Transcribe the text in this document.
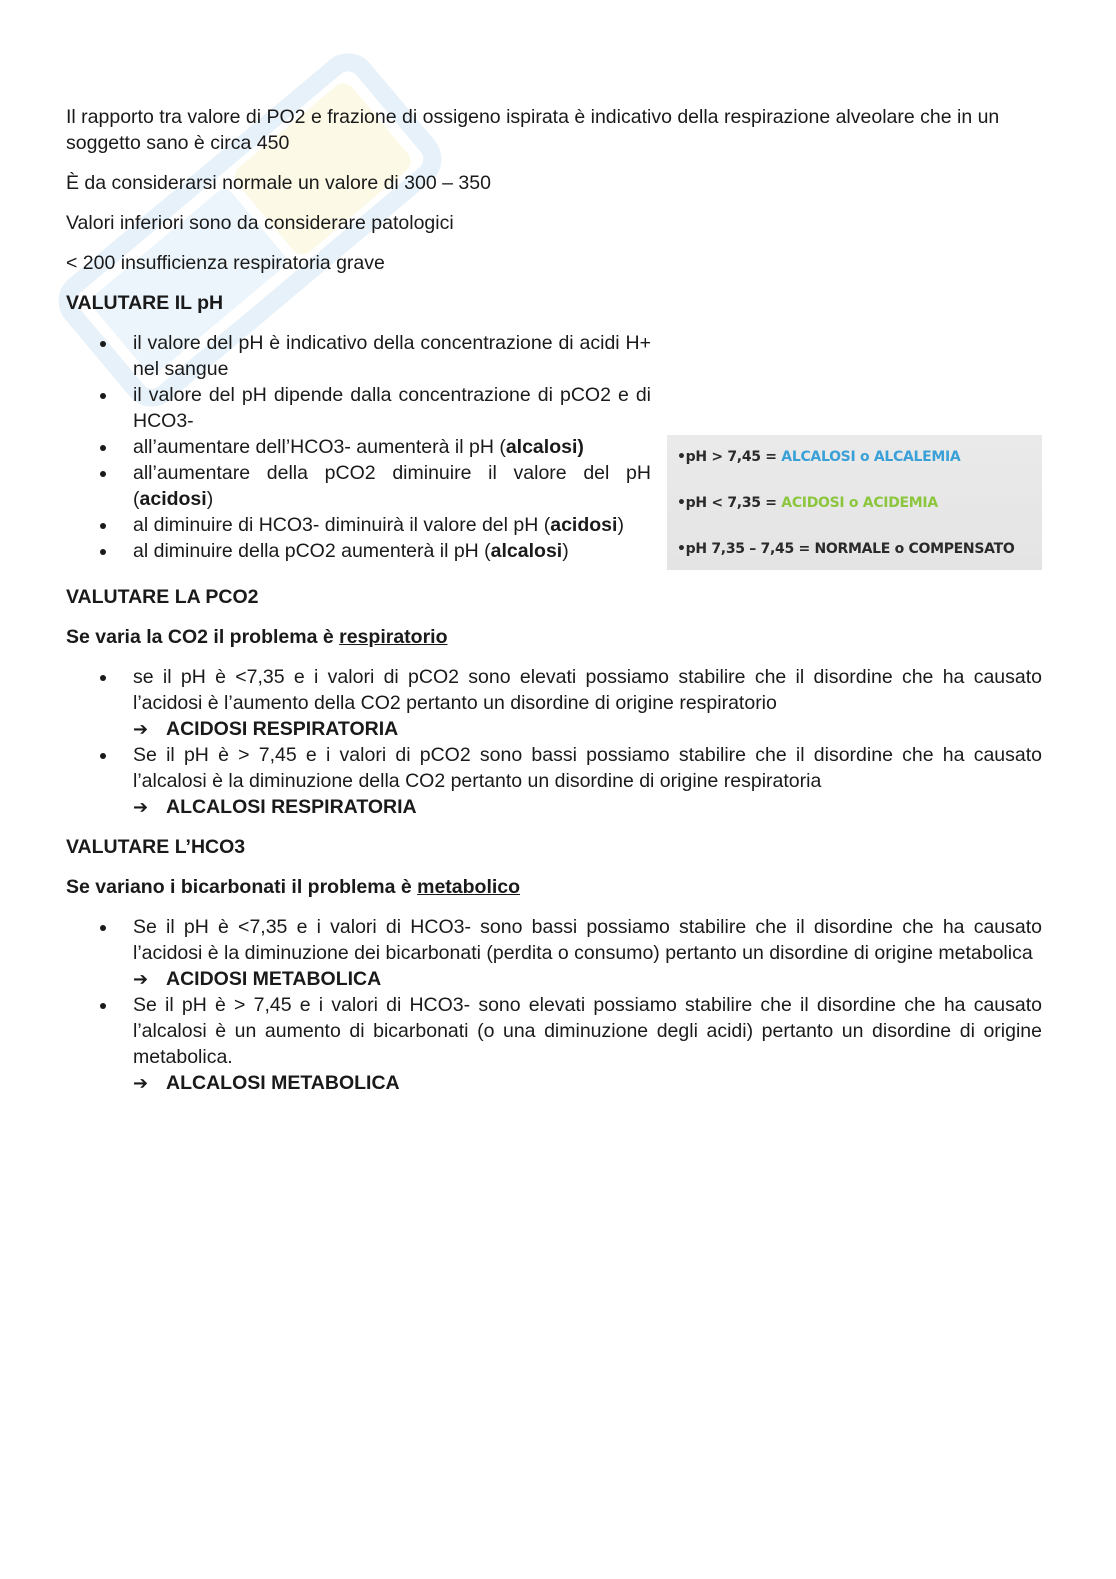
Il rapporto tra valore di PO2 e frazione di ossigeno ispirata è indicativo della respirazione alveolare che in un soggetto sano è circa 450

È da considerarsi normale un valore di 300 – 350

Valori inferiori sono da considerare patologici

< 200 insufficienza respiratoria grave

VALUTARE IL pH
il valore del pH è indicativo della concentrazione di acidi H+ nel sangue
il valore del pH dipende dalla concentrazione di pCO2 e di HCO3-
all’aumentare dell’HCO3- aumenterà il pH (alcalosi)
all’aumentare della pCO2 diminuire il valore del pH (acidosi)
al diminuire di HCO3- diminuirà il valore del pH (acidosi)
al diminuire della pCO2 aumenterà il pH (alcalosi)
•pH > 7,45 = ALCALOSI o ALCALEMIA
•pH < 7,35 = ACIDOSI o ACIDEMIA
•pH 7,35 – 7,45 = NORMALE o COMPENSATO
VALUTARE LA PCO2
Se varia la CO2 il problema è respiratorio
se il pH è <7,35 e i valori di pCO2 sono elevati possiamo stabilire che il disordine che ha causato l’acidosi è l’aumento della CO2 pertanto un disordine di origine respiratorio
➔ ACIDOSI RESPIRATORIA
Se il pH è > 7,45 e i valori di pCO2 sono bassi possiamo stabilire che il disordine che ha causato l’alcalosi è la diminuzione della CO2 pertanto un disordine di origine respiratoria
➔ ALCALOSI RESPIRATORIA
VALUTARE L’HCO3
Se variano i bicarbonati il problema è metabolico
Se il pH è <7,35 e i valori di HCO3- sono bassi possiamo stabilire che il disordine che ha causato l’acidosi è la diminuzione dei bicarbonati (perdita o consumo) pertanto un disordine di origine metabolica
➔ ACIDOSI METABOLICA
Se il pH è > 7,45 e i valori di HCO3- sono elevati possiamo stabilire che il disordine che ha causato l’alcalosi è un aumento di bicarbonati (o una diminuzione degli acidi) pertanto un disordine di origine metabolica.
➔ ALCALOSI METABOLICA
